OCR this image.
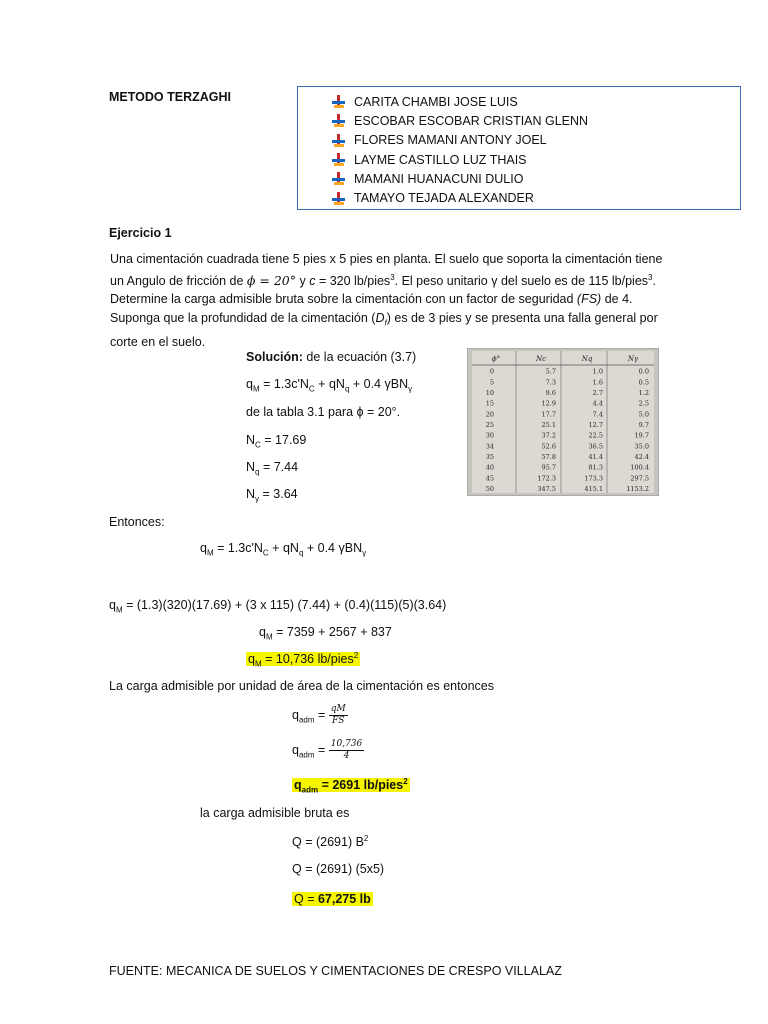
METODO TERZAGHI	CARITA CHAMBI JOSE LUIS
ESCOBAR ESCOBAR CRISTIAN GLENN
FLORES MAMANI ANTONY JOEL
LAYME CASTILLO LUZ THAIS
MAMANI HUANACUNI DULIO
TAMAYO TEJADA ALEXANDER
Ejercicio 1
Una cimentación cuadrada tiene 5 pies x 5 pies en planta. El suelo que soporta la cimentación tiene un Angulo de fricción de ϕ = 20° y c = 320 lb/pies$^3$. El peso unitario γ del suelo es de 115 lb/pies$^3$. Determine la carga admisible bruta sobre la cimentación con un factor de seguridad (FS) de 4. Suponga que la profundidad de la cimentación $(D_f)$ es de 3 pies y se presenta una falla general por corte en el suelo.
Solución: de la ecuación (3.7)
$q_M = 1.3c'N_C + qN_q + 0.4$ γBN$_\gamma$
de la tabla 3.1 para ϕ = 20°.
$N_C = 17.69$
$N_q = 7.44$
$N_\gamma = 3.64$
ϕ°	Nc	Nq	Nγ
0	5.7	1.0	0.0
5	7.3	1.6	0.5
10	9.6	2.7	1.2
15	12.9	4.4	2.5
20	17.7	7.4	5.0
25	25.1	12.7	9.7
30	37.2	22.5	19.7
34	52.6	36.5	35.0
35	57.8	41.4	42.4
40	95.7	81.3	100.4
45	172.3	173.3	297.5
50	347.5	415.1	1153.2
Entonces:
$q_M = 1.3c'N_C + qN_q + 0.4$ γBN$_\gamma$
$q_M = (1.3)(320)(17.69) + (3$ x 115) (7.44) + (0.4)(115)(5)(3.64)
$q_M = 7359 + 2567 + 837$
$q_M = 10,736$ lb/pies$^2$
La carga admisible por unidad de área de la cimentación es entonces
$q_{adm} = \frac{qM}{FS}$
$q_{adm} = \frac{10,736}{4}$
$q_{adm} = 2691$ lb/pies$^2$
la carga admisible bruta es
Q = (2691) $B^2$
Q = (2691) (5x5)
Q = 67,275 lb
FUENTE: MECANICA DE SUELOS Y CIMENTACIONES DE CRESPO VILLALAZ
